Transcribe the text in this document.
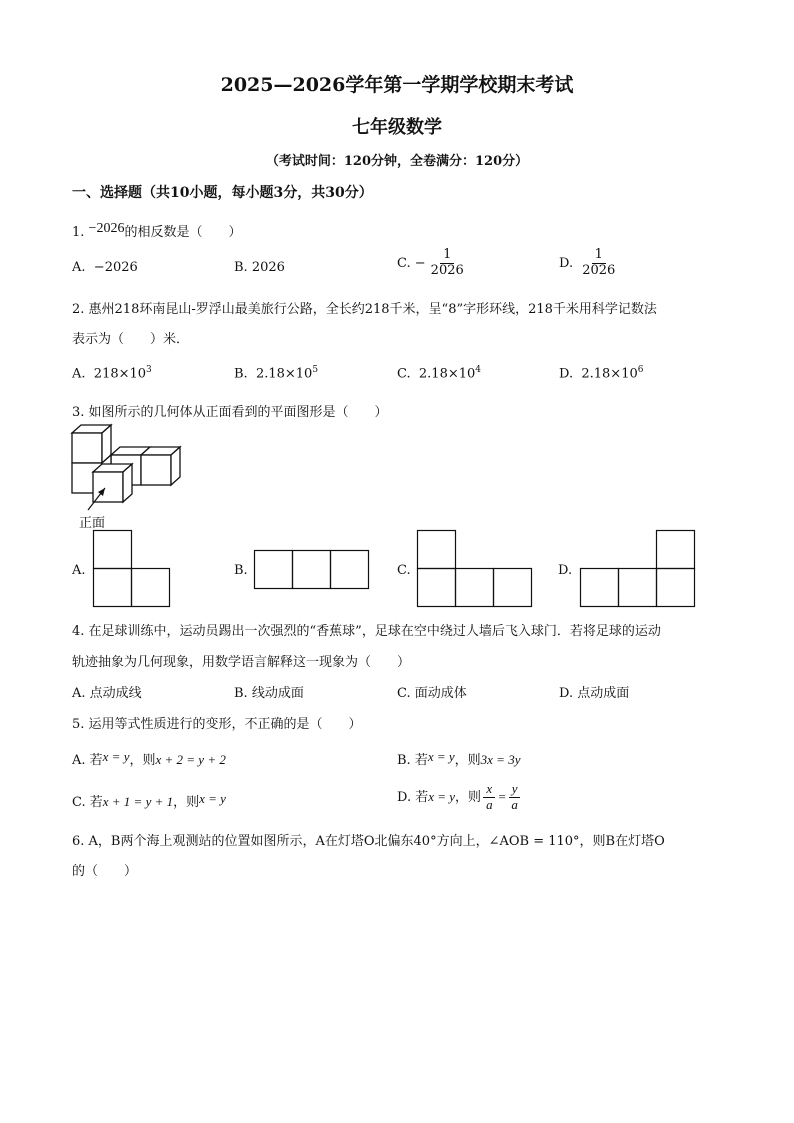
2025—2026学年第一学期学校期末考试
七年级数学
（考试时间：120分钟，全卷满分：120分）
一、选择题（共10小题，每小题3分，共30分）
1. −2026的相反数是（　　）
A. −2026	B. 2026	C. − $\frac{1}{2026}$	D. $\frac{1}{2026}$
2. 惠州218环南昆山-罗浮山最美旅行公路，全长约218千米，呈“8”字形环线，218千米用科学记数法
表示为（　　）米．
A. $218\times 10^3$	B. $2.18\times 10^5$	C. $2.18\times 10^4$	D. $2.18\times 10^6$
3. 如图所示的几何体从正面看到的平面图形是（　　）
正面
A.	B.	C.	D.
4. 在足球训练中，运动员踢出一次强烈的“香蕉球”，足球在空中绕过人墙后飞入球门．若将足球的运动
轨迹抽象为几何现象，用数学语言解释这一现象为（　　）
A. 点动成线	B. 线动成面	C. 面动成体	D. 点动成面
5. 运用等式性质进行的变形，不正确的是（　　）
A. 若x = y，则x + 2 = y + 2	B. 若x = y，则3x = 3y
C. 若x + 1 = y + 1，则x = y	D. 若x = y，则 $\frac{x}{a} = \frac{y}{a}$
6. A，B两个海上观测站的位置如图所示，A在灯塔O北偏东40°方向上，∠AOB = 110°，则B在灯塔O
的（　　）
